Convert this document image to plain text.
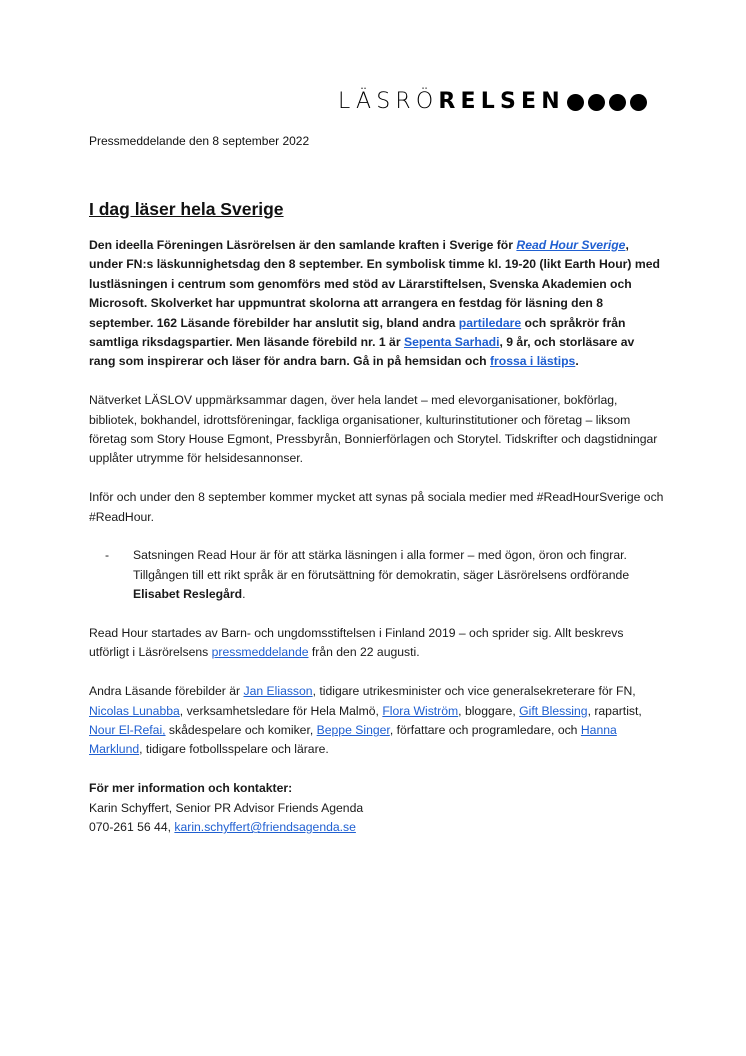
LÄSRÖRELSEN
Pressmeddelande den 8 september 2022
I dag läser hela Sverige

Den ideella Föreningen Läsrörelsen är den samlande kraften i Sverige för Read Hour Sverige, under FN:s läskunnighetsdag den 8 september. En symbolisk timme kl. 19-20 (likt Earth Hour) med lustläsningen i centrum som genomförs med stöd av Lärarstiftelsen, Svenska Akademien och Microsoft. Skolverket har uppmuntrat skolorna att arrangera en festdag för läsning den 8 september. 162 Läsande förebilder har anslutit sig, bland andra partiledare och språkrör från samtliga riksdagspartier. Men läsande förebild nr. 1 är Sepenta Sarhadi, 9 år, och storläsare av rang som inspirerar och läser för andra barn. Gå in på hemsidan och frossa i lästips.

Nätverket LÄSLOV uppmärksammar dagen, över hela landet – med elevorganisationer, bokförlag, bibliotek, bokhandel, idrottsföreningar, fackliga organisationer, kulturinstitutioner och företag – liksom företag som Story House Egmont, Pressbyrån, Bonnierförlagen och Storytel. Tidskrifter och dagstidningar upplåter utrymme för helsidesannonser.

Inför och under den 8 september kommer mycket att synas på sociala medier med #ReadHourSverige och #ReadHour.

-	Satsningen Read Hour är för att stärka läsningen i alla former – med ögon, öron och fingrar. Tillgången till ett rikt språk är en förutsättning för demokratin, säger Läsrörelsens ordförande Elisabet Reslegård.

Read Hour startades av Barn- och ungdomsstiftelsen i Finland 2019 – och sprider sig. Allt beskrevs utförligt i Läsrörelsens pressmeddelande från den 22 augusti.

Andra Läsande förebilder är Jan Eliasson, tidigare utrikesminister och vice generalsekreterare för FN, Nicolas Lunabba, verksamhetsledare för Hela Malmö, Flora Wiström, bloggare, Gift Blessing, rapartist, Nour El-Refai, skådespelare och komiker, Beppe Singer, författare och programledare, och Hanna Marklund, tidigare fotbollsspelare och lärare.

För mer information och kontakter:
Karin Schyffert, Senior PR Advisor Friends Agenda
070-261 56 44, karin.schyffert@friendsagenda.se
